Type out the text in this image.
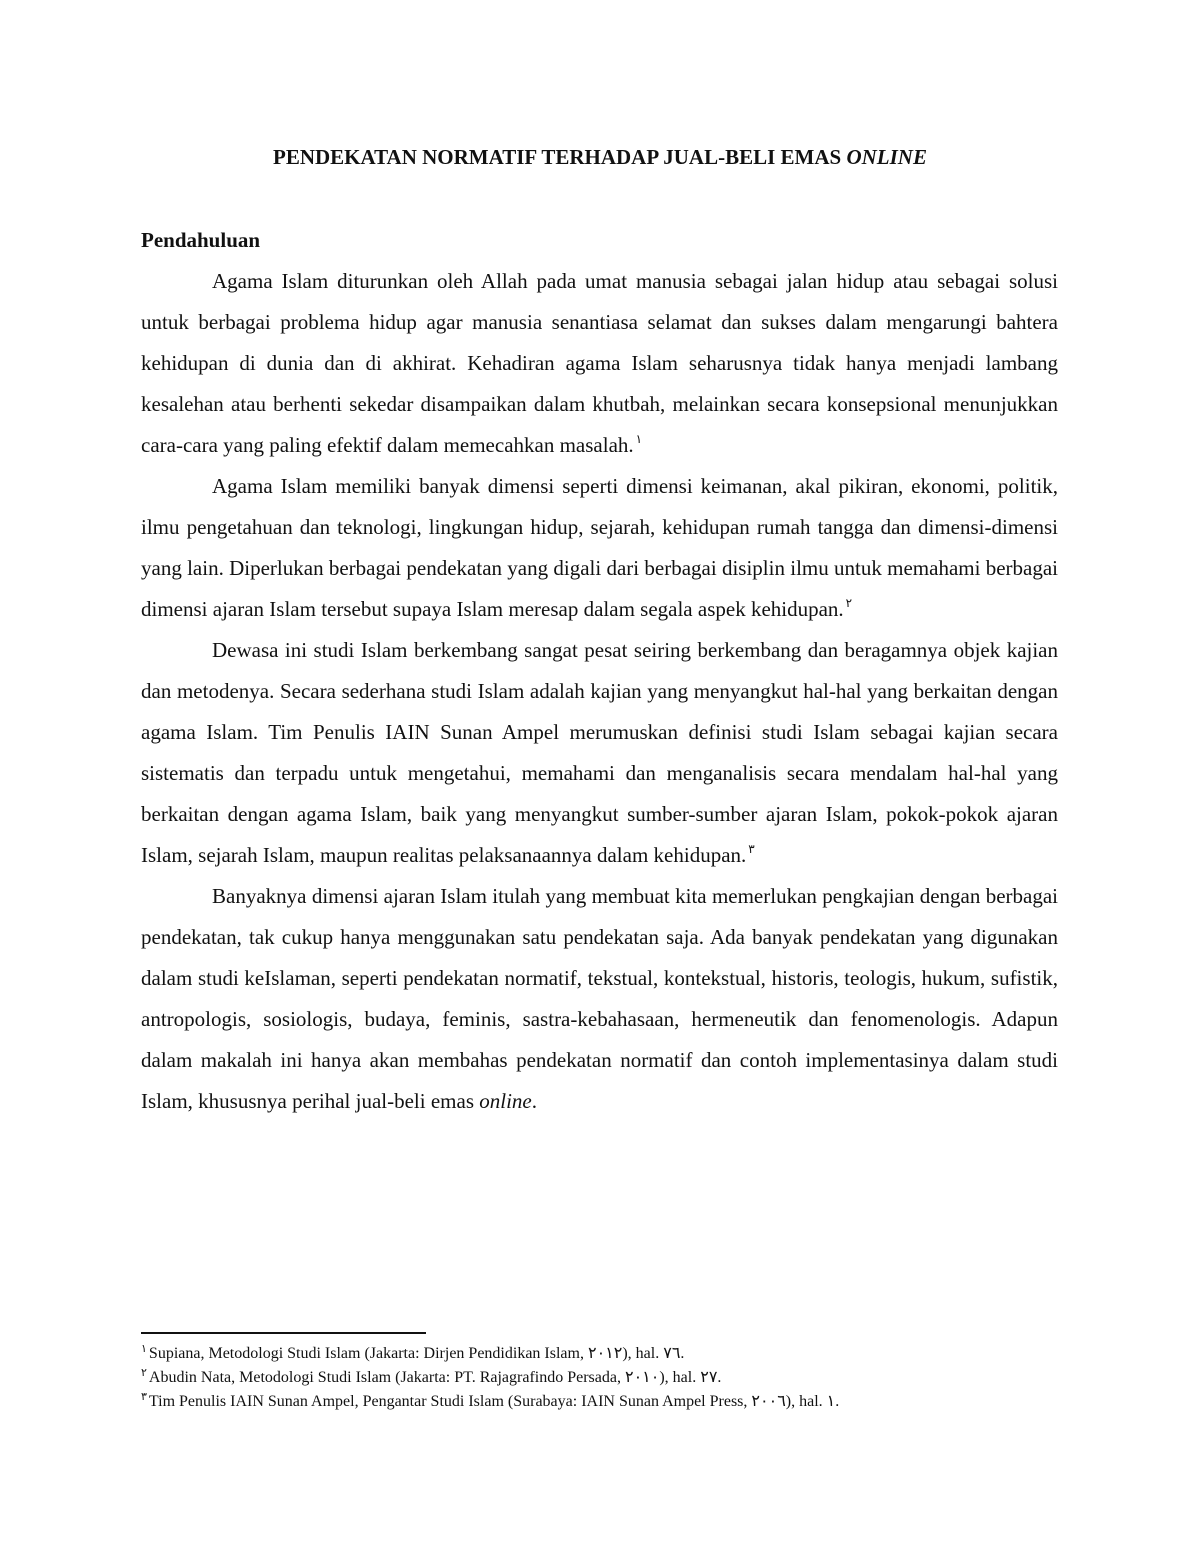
PENDEKATAN NORMATIF TERHADAP JUAL-BELI EMAS ONLINE
Pendahuluan

Agama Islam diturunkan oleh Allah pada umat manusia sebagai jalan hidup atau sebagai solusi untuk berbagai problema hidup agar manusia senantiasa selamat dan sukses dalam mengarungi bahtera kehidupan di dunia dan di akhirat. Kehadiran agama Islam seharusnya tidak hanya menjadi lambang kesalehan atau berhenti sekedar disampaikan dalam khutbah, melainkan secara konsepsional menunjukkan cara-cara yang paling efektif dalam memecahkan masalah. $^١$

Agama Islam memiliki banyak dimensi seperti dimensi keimanan, akal pikiran, ekonomi, politik, ilmu pengetahuan dan teknologi, lingkungan hidup, sejarah, kehidupan rumah tangga dan dimensi-dimensi yang lain. Diperlukan berbagai pendekatan yang digali dari berbagai disiplin ilmu untuk memahami berbagai dimensi ajaran Islam tersebut supaya Islam meresap dalam segala aspek kehidupan. $^٢$

Dewasa ini studi Islam berkembang sangat pesat seiring berkembang dan beragamnya objek kajian dan metodenya. Secara sederhana studi Islam adalah kajian yang menyangkut hal-hal yang berkaitan dengan agama Islam. Tim Penulis IAIN Sunan Ampel merumuskan definisi studi Islam sebagai kajian secara sistematis dan terpadu untuk mengetahui, memahami dan menganalisis secara mendalam hal-hal yang berkaitan dengan agama Islam, baik yang menyangkut sumber-sumber ajaran Islam, pokok-pokok ajaran Islam, sejarah Islam, maupun realitas pelaksanaannya dalam kehidupan. $^٣$

Banyaknya dimensi ajaran Islam itulah yang membuat kita memerlukan pengkajian dengan berbagai pendekatan, tak cukup hanya menggunakan satu pendekatan saja. Ada banyak pendekatan yang digunakan dalam studi keIslaman, seperti pendekatan normatif, tekstual, kontekstual, historis, teologis, hukum, sufistik, antropologis, sosiologis, budaya, feminis, sastra-kebahasaan, hermeneutik dan fenomenologis. Adapun dalam makalah ini hanya akan membahas pendekatan normatif dan contoh implementasinya dalam studi Islam, khususnya perihal jual-beli emas online.

$^١$ Supiana, Metodologi Studi Islam (Jakarta: Dirjen Pendidikan Islam, ٢٠١٢), hal. ٧٦.
$^٢$ Abudin Nata, Metodologi Studi Islam (Jakarta: PT. Rajagrafindo Persada, ٢٠١٠), hal. ٢٧.
$^٣$ Tim Penulis IAIN Sunan Ampel, Pengantar Studi Islam (Surabaya: IAIN Sunan Ampel Press, ٢٠٠٦), hal. ١.
